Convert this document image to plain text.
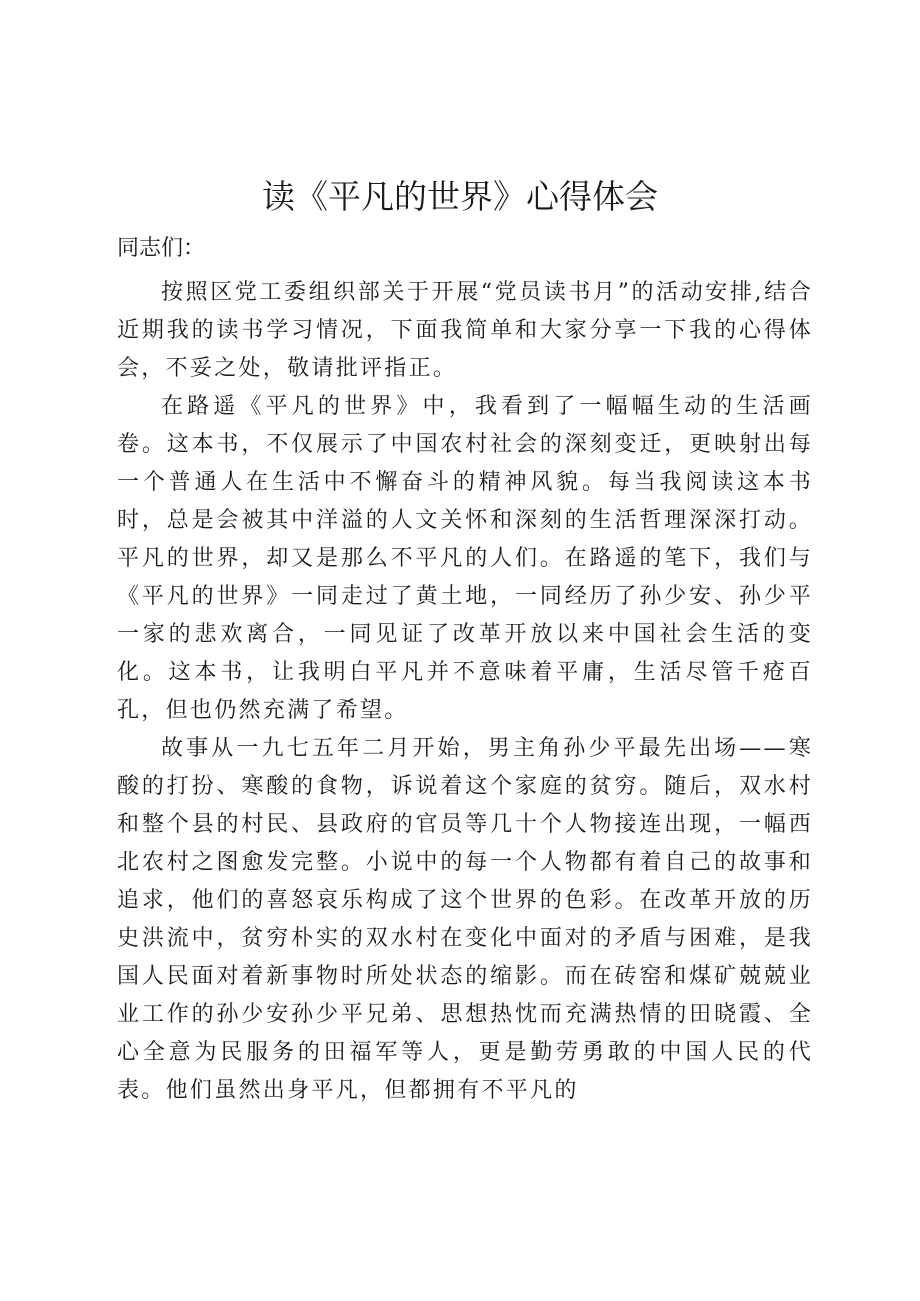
读《平凡的世界》心得体会

同志们：

按照区党工委组织部关于开展“党员读书月”的活动安排,结合近期我的读书学习情况，下面我简单和大家分享一下我的心得体会，不妥之处，敬请批评指正。

在路遥《平凡的世界》中，我看到了一幅幅生动的生活画卷。这本书，不仅展示了中国农村社会的深刻变迁，更映射出每一个普通人在生活中不懈奋斗的精神风貌。每当我阅读这本书时，总是会被其中洋溢的人文关怀和深刻的生活哲理深深打动。平凡的世界，却又是那么不平凡的人们。在路遥的笔下，我们与《平凡的世界》一同走过了黄土地，一同经历了孙少安、孙少平一家的悲欢离合，一同见证了改革开放以来中国社会生活的变化。这本书，让我明白平凡并不意味着平庸，生活尽管千疮百孔，但也仍然充满了希望。

故事从一九七五年二月开始，男主角孙少平最先出场——寒酸的打扮、寒酸的食物，诉说着这个家庭的贫穷。随后，双水村和整个县的村民、县政府的官员等几十个人物接连出现，一幅西北农村之图愈发完整。小说中的每一个人物都有着自己的故事和追求，他们的喜怒哀乐构成了这个世界的色彩。在改革开放的历史洪流中，贫穷朴实的双水村在变化中面对的矛盾与困难，是我国人民面对着新事物时所处状态的缩影。而在砖窑和煤矿兢兢业业工作的孙少安孙少平兄弟、思想热忱而充满热情的田晓霞、全心全意为民服务的田福军等人，更是勤劳勇敢的中国人民的代表。他们虽然出身平凡，但都拥有不平凡的
